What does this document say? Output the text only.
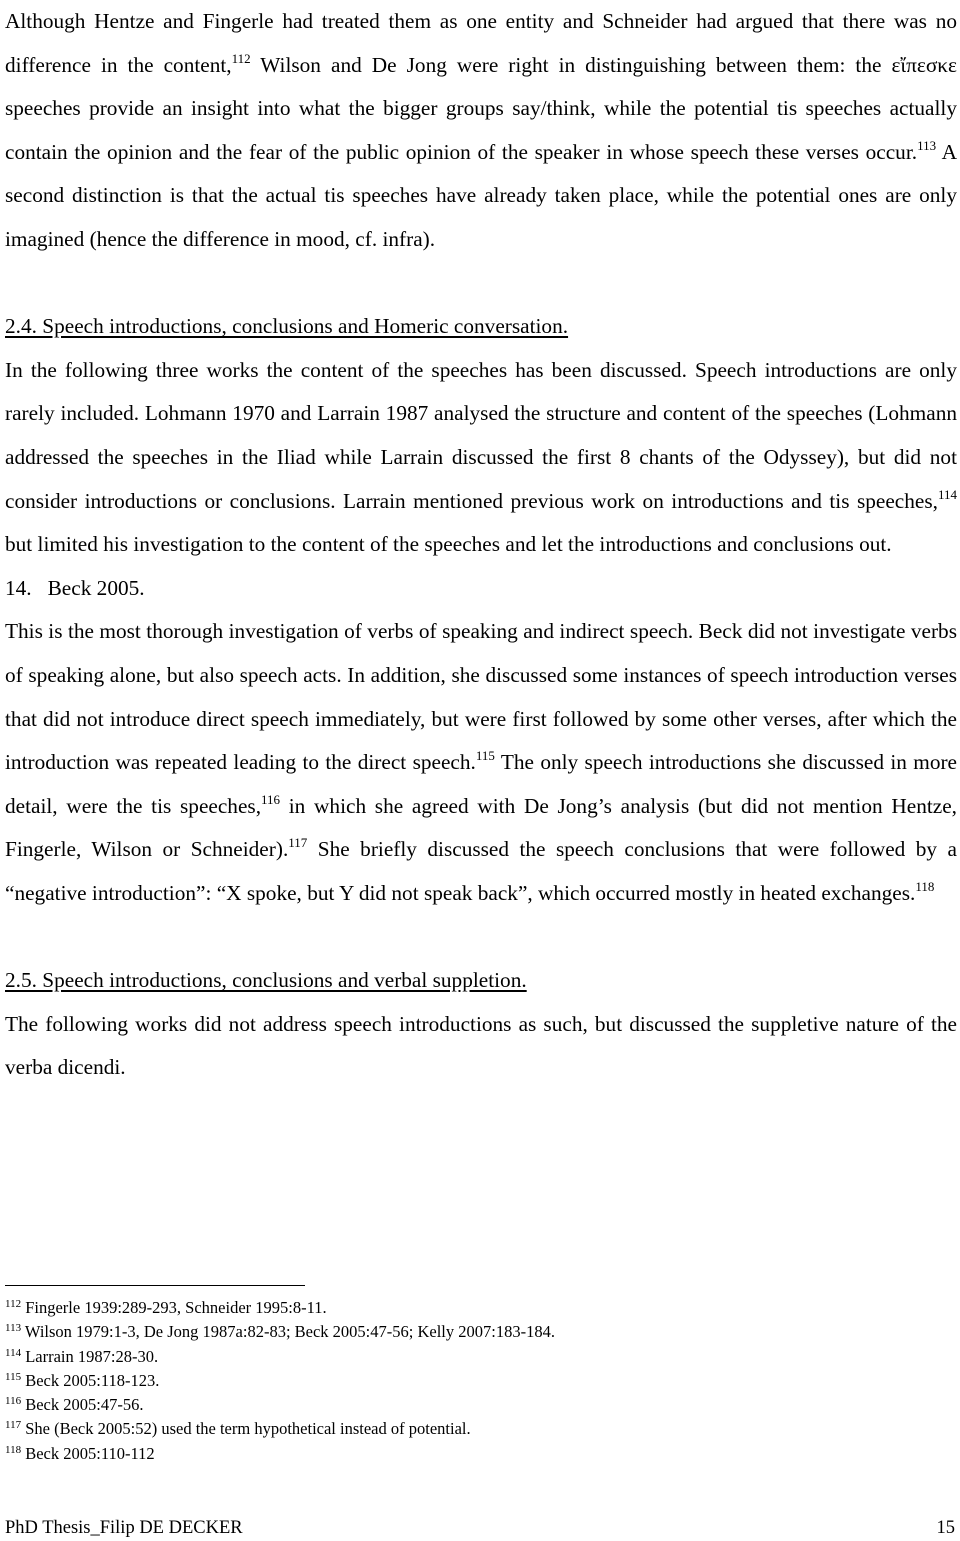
Although Hentze and Fingerle had treated them as one entity and Schneider had argued that there was no difference in the content,$^{112}$ Wilson and De Jong were right in distinguishing between them: the εἴπεσκε speeches provide an insight into what the bigger groups say/think, while the potential tis speeches actually contain the opinion and the fear of the public opinion of the speaker in whose speech these verses occur.$^{113}$ A second distinction is that the actual tis speeches have already taken place, while the potential ones are only imagined (hence the difference in mood, cf. infra).

2.4. Speech introductions, conclusions and Homeric conversation.

In the following three works the content of the speeches has been discussed. Speech introductions are only rarely included. Lohmann 1970 and Larrain 1987 analysed the structure and content of the speeches (Lohmann addressed the speeches in the Iliad while Larrain discussed the first 8 chants of the Odyssey), but did not consider introductions or conclusions. Larrain mentioned previous work on introductions and tis speeches,$^{114}$ but limited his investigation to the content of the speeches and let the introductions and conclusions out.

14.   Beck 2005.

This is the most thorough investigation of verbs of speaking and indirect speech. Beck did not investigate verbs of speaking alone, but also speech acts. In addition, she discussed some instances of speech introduction verses that did not introduce direct speech immediately, but were first followed by some other verses, after which the introduction was repeated leading to the direct speech.$^{115}$ The only speech introductions she discussed in more detail, were the tis speeches,$^{116}$ in which she agreed with De Jong’s analysis (but did not mention Hentze, Fingerle, Wilson or Schneider).$^{117}$ She briefly discussed the speech conclusions that were followed by a “negative introduction”: “X spoke, but Y did not speak back”, which occurred mostly in heated exchanges.$^{118}$

2.5. Speech introductions, conclusions and verbal suppletion.

The following works did not address speech introductions as such, but discussed the suppletive nature of the verba dicendi.

$^{112}$ Fingerle 1939:289-293, Schneider 1995:8-11.

$^{113}$ Wilson 1979:1-3, De Jong 1987a:82-83; Beck 2005:47-56; Kelly 2007:183-184.

$^{114}$ Larrain 1987:28-30.

$^{115}$ Beck 2005:118-123.

$^{116}$ Beck 2005:47-56.

$^{117}$ She (Beck 2005:52) used the term hypothetical instead of potential.

$^{118}$ Beck 2005:110-112

PhD Thesis_Filip DE DECKER	15
